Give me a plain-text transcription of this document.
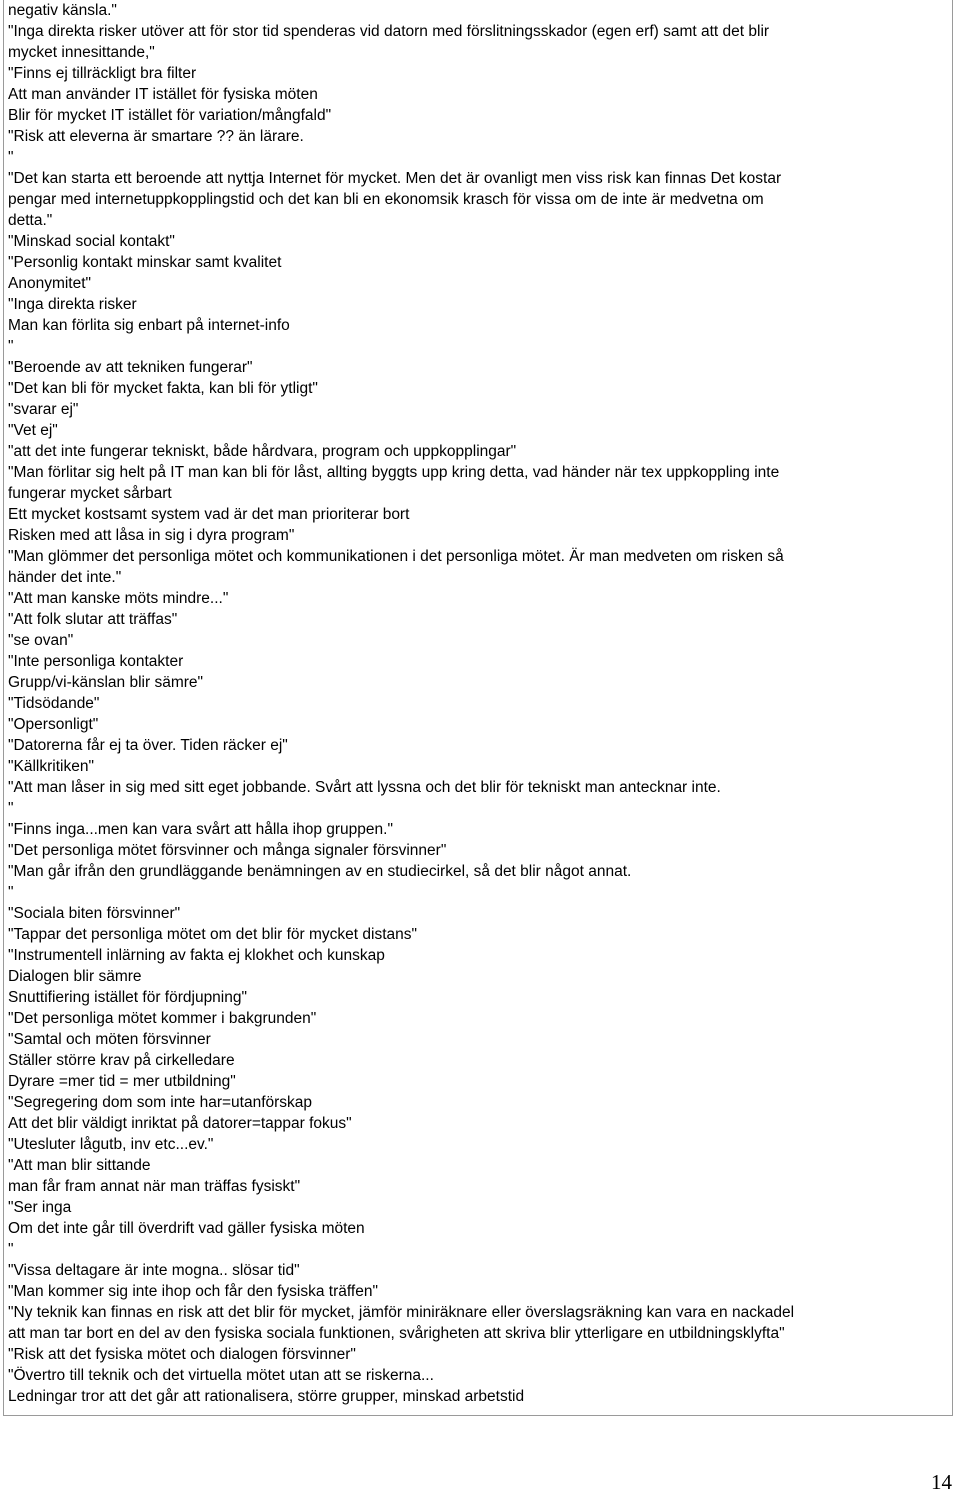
negativ känsla."
"Inga direkta risker utöver att för stor tid spenderas vid datorn med förslitningsskador (egen erf) samt att det blir
mycket innesittande,"
"Finns ej tillräckligt bra filter
Att man använder IT istället för fysiska möten
Blir för mycket IT istället för variation/mångfald"
"Risk att eleverna är smartare ?? än lärare.
"
"Det kan starta ett beroende att nyttja Internet för mycket. Men det är ovanligt men viss risk kan finnas Det kostar
pengar med internetuppkopplingstid och det kan bli en ekonomsik krasch för vissa om de inte är medvetna om
detta."
"Minskad social kontakt"
"Personlig kontakt minskar samt kvalitet
Anonymitet"
"Inga direkta risker
Man kan förlita sig enbart på internet-info
"
"Beroende av att tekniken fungerar"
"Det kan bli för mycket fakta, kan bli för ytligt"
"svarar ej"
"Vet ej"
"att det inte fungerar tekniskt, både hårdvara, program och uppkopplingar"
"Man förlitar sig helt på IT man kan bli för låst, allting byggts upp kring detta, vad händer när tex uppkoppling inte
fungerar mycket sårbart
Ett mycket kostsamt system vad är det man prioriterar bort
Risken med att låsa in sig i dyra program"
"Man glömmer det personliga mötet och kommunikationen i det personliga mötet. Är man medveten om risken så
händer det inte."
"Att man kanske möts mindre..."
"Att folk slutar att träffas"
"se ovan"
"Inte personliga kontakter
Grupp/vi-känslan blir sämre"
"Tidsödande"
"Opersonligt"
"Datorerna får ej ta över. Tiden räcker ej"
"Källkritiken"
"Att man låser in sig med sitt eget jobbande. Svårt att lyssna och det blir för tekniskt man antecknar inte.
"
"Finns inga...men kan vara svårt att hålla ihop gruppen."
"Det personliga mötet försvinner och många signaler försvinner"
"Man går ifrån den grundläggande benämningen av en studiecirkel, så det blir något annat.
"
"Sociala biten försvinner"
"Tappar det personliga mötet om det blir för mycket distans"
"Instrumentell inlärning av fakta ej klokhet och kunskap
Dialogen blir sämre
Snuttifiering istället för fördjupning"
"Det personliga mötet kommer i bakgrunden"
"Samtal och möten försvinner
Ställer större krav på cirkelledare
Dyrare =mer tid = mer utbildning"
"Segregering dom som inte har=utanförskap
Att det blir väldigt inriktat på datorer=tappar fokus"
"Utesluter lågutb, inv etc...ev."
"Att man blir sittande
man får fram annat när man träffas fysiskt"
"Ser inga
Om det inte går till överdrift vad gäller fysiska möten
"
"Vissa deltagare är inte mogna.. slösar tid"
"Man kommer sig inte ihop och får den fysiska träffen"
"Ny teknik kan finnas en risk att det blir för mycket, jämför miniräknare eller överslagsräkning kan vara en nackadel
att man tar bort en del av den fysiska sociala funktionen, svårigheten att skriva blir ytterligare en utbildningsklyfta"
"Risk att det fysiska mötet och dialogen försvinner"
"Övertro till teknik och det virtuella mötet utan att se riskerna...
Ledningar tror att det går att rationalisera, större grupper, minskad arbetstid
14
